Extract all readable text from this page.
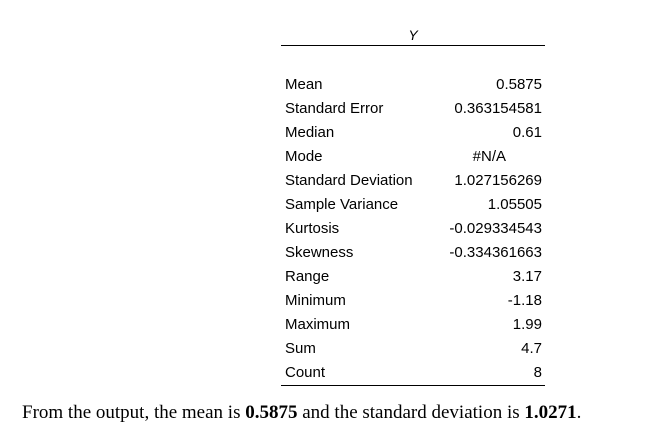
Y
Mean	0.5875
Standard Error	0.363154581
Median	0.61
Mode	#N/A
Standard Deviation	1.027156269
Sample Variance	1.05505
Kurtosis	-0.029334543
Skewness	-0.334361663
Range	3.17
Minimum	-1.18
Maximum	1.99
Sum	4.7
Count	8
From the output, the mean is 0.5875 and the standard deviation is 1.0271.
